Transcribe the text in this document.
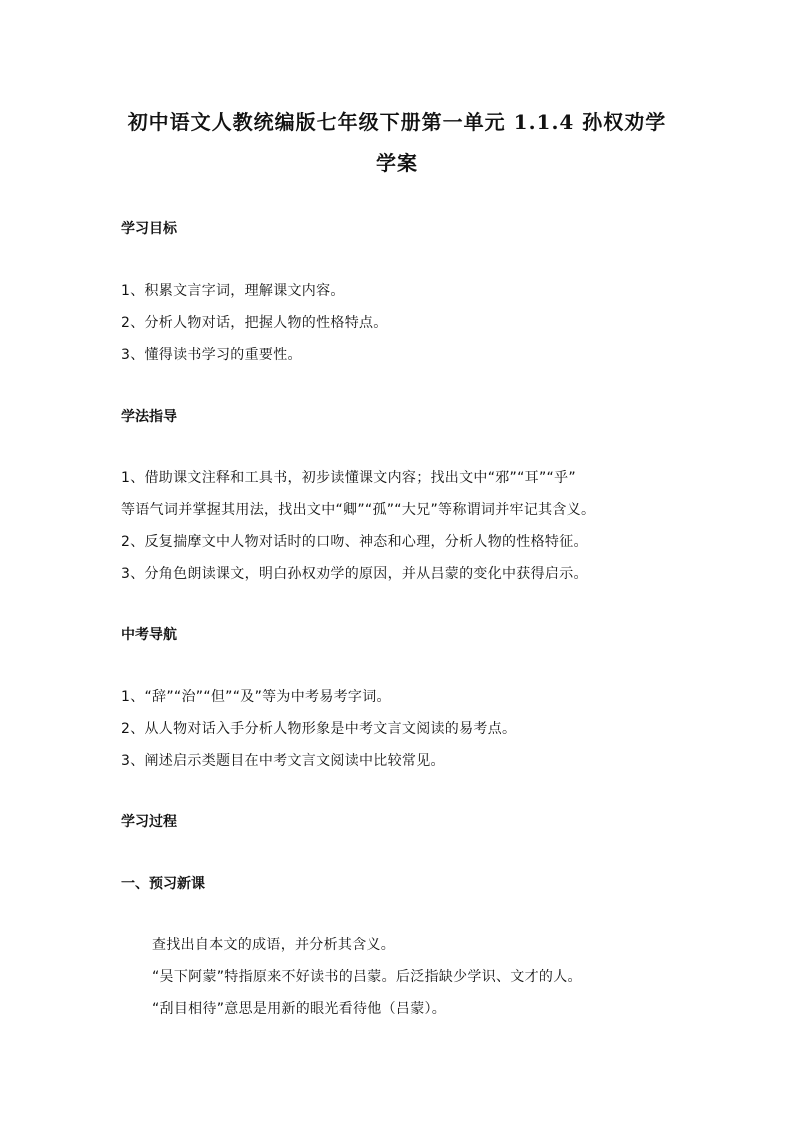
初中语文人教统编版七年级下册第一单元 1.1.4 孙权劝学
学案
学习目标
1、积累文言字词，理解课文内容。
2、分析人物对话，把握人物的性格特点。
3、懂得读书学习的重要性。
学法指导
1、借助课文注释和工具书，初步读懂课文内容；找出文中“邪”“耳”“乎”
等语气词并掌握其用法，找出文中“卿”“孤”“大兄”等称谓词并牢记其含义。
2、反复揣摩文中人物对话时的口吻、神态和心理，分析人物的性格特征。
3、分角色朗读课文，明白孙权劝学的原因，并从吕蒙的变化中获得启示。
中考导航
1、“辞”“治”“但”“及”等为中考易考字词。
2、从人物对话入手分析人物形象是中考文言文阅读的易考点。
3、阐述启示类题目在中考文言文阅读中比较常见。
学习过程
一、预习新课
查找出自本文的成语，并分析其含义。
“吴下阿蒙”特指原来不好读书的吕蒙。后泛指缺少学识、文才的人。
“刮目相待”意思是用新的眼光看待他（吕蒙）。
